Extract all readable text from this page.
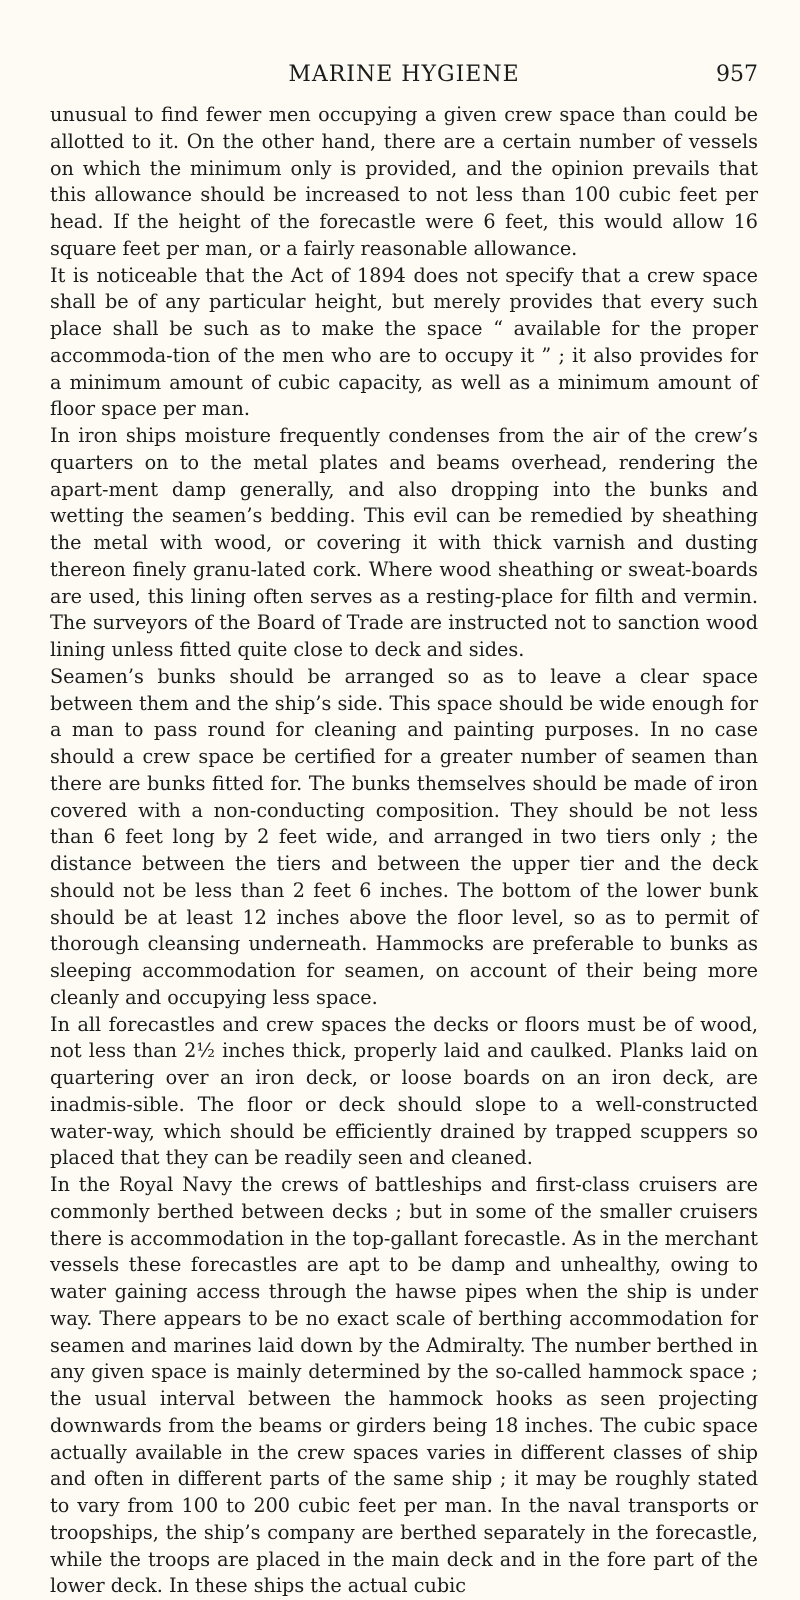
MARINE HYGIENE	957

unusual to find fewer men occupying a given crew space than could be allotted to it. On the other hand, there are a certain number of vessels on which the minimum only is provided, and the opinion prevails that this allowance should be increased to not less than 100 cubic feet per head. If the height of the forecastle were 6 feet, this would allow 16 square feet per man, or a fairly reasonable allowance.

It is noticeable that the Act of 1894 does not specify that a crew space shall be of any particular height, but merely provides that every such place shall be such as to make the space “ available for the proper accommoda-tion of the men who are to occupy it ” ; it also provides for a minimum amount of cubic capacity, as well as a minimum amount of floor space per man.

In iron ships moisture frequently condenses from the air of the crew’s quarters on to the metal plates and beams overhead, rendering the apart-ment damp generally, and also dropping into the bunks and wetting the seamen’s bedding. This evil can be remedied by sheathing the metal with wood, or covering it with thick varnish and dusting thereon finely granu-lated cork. Where wood sheathing or sweat-boards are used, this lining often serves as a resting-place for filth and vermin. The surveyors of the Board of Trade are instructed not to sanction wood lining unless fitted quite close to deck and sides.

Seamen’s bunks should be arranged so as to leave a clear space between them and the ship’s side. This space should be wide enough for a man to pass round for cleaning and painting purposes. In no case should a crew space be certified for a greater number of seamen than there are bunks fitted for. The bunks themselves should be made of iron covered with a non-conducting composition. They should be not less than 6 feet long by 2 feet wide, and arranged in two tiers only ; the distance between the tiers and between the upper tier and the deck should not be less than 2 feet 6 inches. The bottom of the lower bunk should be at least 12 inches above the floor level, so as to permit of thorough cleansing underneath. Hammocks are preferable to bunks as sleeping accommodation for seamen, on account of their being more cleanly and occupying less space.

In all forecastles and crew spaces the decks or floors must be of wood, not less than 2½ inches thick, properly laid and caulked. Planks laid on quartering over an iron deck, or loose boards on an iron deck, are inadmis-sible. The floor or deck should slope to a well-constructed water-way, which should be efficiently drained by trapped scuppers so placed that they can be readily seen and cleaned.

In the Royal Navy the crews of battleships and first-class cruisers are commonly berthed between decks ; but in some of the smaller cruisers there is accommodation in the top-gallant forecastle. As in the merchant vessels these forecastles are apt to be damp and unhealthy, owing to water gaining access through the hawse pipes when the ship is under way. There appears to be no exact scale of berthing accommodation for seamen and marines laid down by the Admiralty. The number berthed in any given space is mainly determined by the so-called hammock space ; the usual interval between the hammock hooks as seen projecting downwards from the beams or girders being 18 inches. The cubic space actually available in the crew spaces varies in different classes of ship and often in different parts of the same ship ; it may be roughly stated to vary from 100 to 200 cubic feet per man. In the naval transports or troopships, the ship’s company are berthed separately in the forecastle, while the troops are placed in the main deck and in the fore part of the lower deck. In these ships the actual cubic
